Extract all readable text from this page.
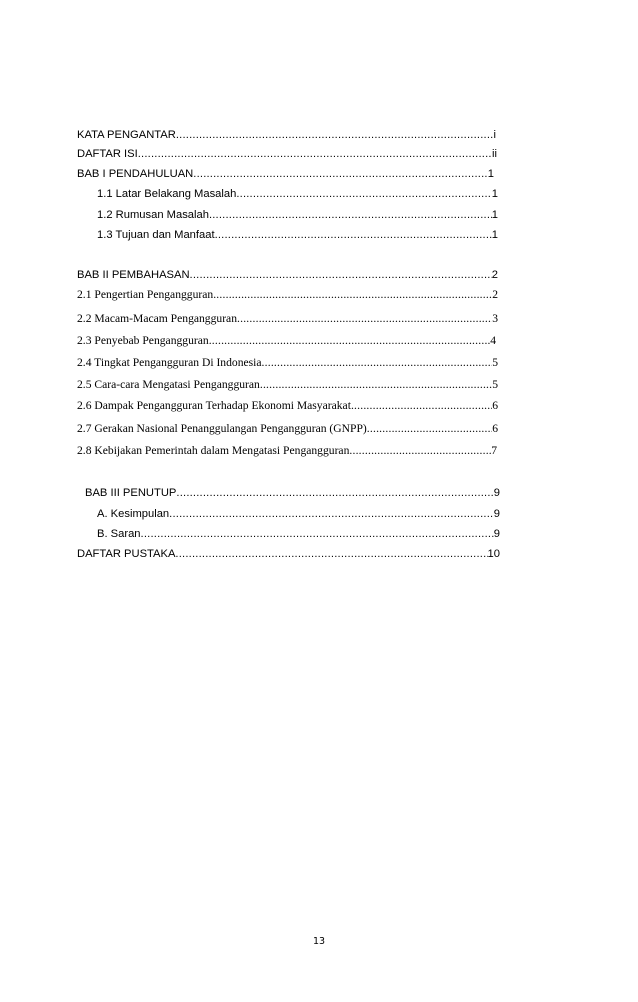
KATA PENGANTAR .....	i
DAFTAR ISI .....	ii
BAB I PENDAHULUAN .....	1
1.1 Latar Belakang Masalah .....	1
1.2 Rumusan Masalah .....	1
1.3 Tujuan dan Manfaat .....	1
BAB II PEMBAHASAN .....	2
2.1 Pengertian Pengangguran .....	2
2.2 Macam-Macam Pengangguran .....	3
2.3 Penyebab Pengangguran .....	4
2.4 Tingkat Pengangguran Di Indonesia .....	5
2.5 Cara-cara Mengatasi Pengangguran .....	5
2.6 Dampak Pengangguran Terhadap Ekonomi Masyarakat .....	6
2.7 Gerakan Nasional Penanggulangan Pengangguran (GNPP) .....	6
2.8 Kebijakan Pemerintah dalam Mengatasi Pengangguran .....	7
BAB III PENUTUP .....	9
A. Kesimpulan .....	9
B. Saran .....	9
DAFTAR PUSTAKA .....	10
13
